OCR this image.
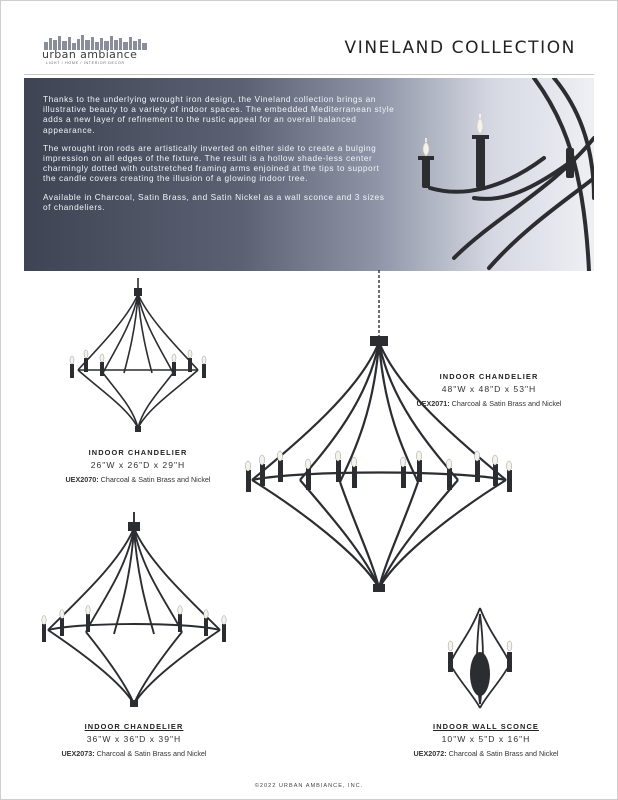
urban ambiance
LIGHT / HOME / INTERIOR DECOR
VINELAND COLLECTION

Thanks to the underlying wrought iron design, the Vineland collection brings an illustrative beauty to a variety of indoor spaces. The embedded Mediterranean style adds a new layer of refinement to the rustic appeal for an overall balanced appearance.

The wrought iron rods are artistically inverted on either side to create a bulging impression on all edges of the fixture. The result is a hollow shade-less center charmingly dotted with outstretched framing arms enjoined at the tips to support the candle covers creating the illusion of a glowing indoor tree.

Available in Charcoal, Satin Brass, and Satin Nickel as a wall sconce and 3 sizes of chandeliers.

INDOOR CHANDELIER
26"W x 26"D x 29"H
UEX2070: Charcoal & Satin Brass and Nickel
INDOOR CHANDELIER
48"W x 48"D x 53"H
UEX2071: Charcoal & Satin Brass and Nickel
INDOOR CHANDELIER
36"W x 36"D x 39"H
UEX2073: Charcoal & Satin Brass and Nickel
INDOOR WALL SCONCE
10"W x 5"D x 16"H
UEX2072: Charcoal & Satin Brass and Nickel
©2022 URBAN AMBIANCE, INC.
